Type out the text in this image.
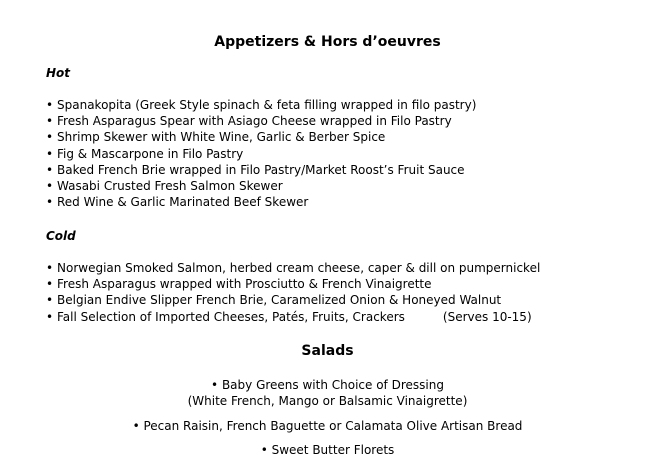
Appetizers & Hors d’oeuvres
Hot
• Spanakopita (Greek Style spinach & feta filling wrapped in filo pastry)
• Fresh Asparagus Spear with Asiago Cheese wrapped in Filo Pastry
• Shrimp Skewer with White Wine, Garlic & Berber Spice
• Fig & Mascarpone in Filo Pastry
• Baked French Brie wrapped in Filo Pastry/Market Roost’s Fruit Sauce
• Wasabi Crusted Fresh Salmon Skewer
• Red Wine & Garlic Marinated Beef Skewer
Cold
• Norwegian Smoked Salmon, herbed cream cheese, caper & dill on pumpernickel
• Fresh Asparagus wrapped with Prosciutto & French Vinaigrette
• Belgian Endive Slipper French Brie, Caramelized Onion & Honeyed Walnut
• Fall Selection of Imported Cheeses, Patés, Fruits, Crackers	(Serves 10-15)
Salads

• Baby Greens with Choice of Dressing

(White French, Mango or Balsamic Vinaigrette)

• Pecan Raisin, French Baguette or Calamata Olive Artisan Bread

• Sweet Butter Florets
